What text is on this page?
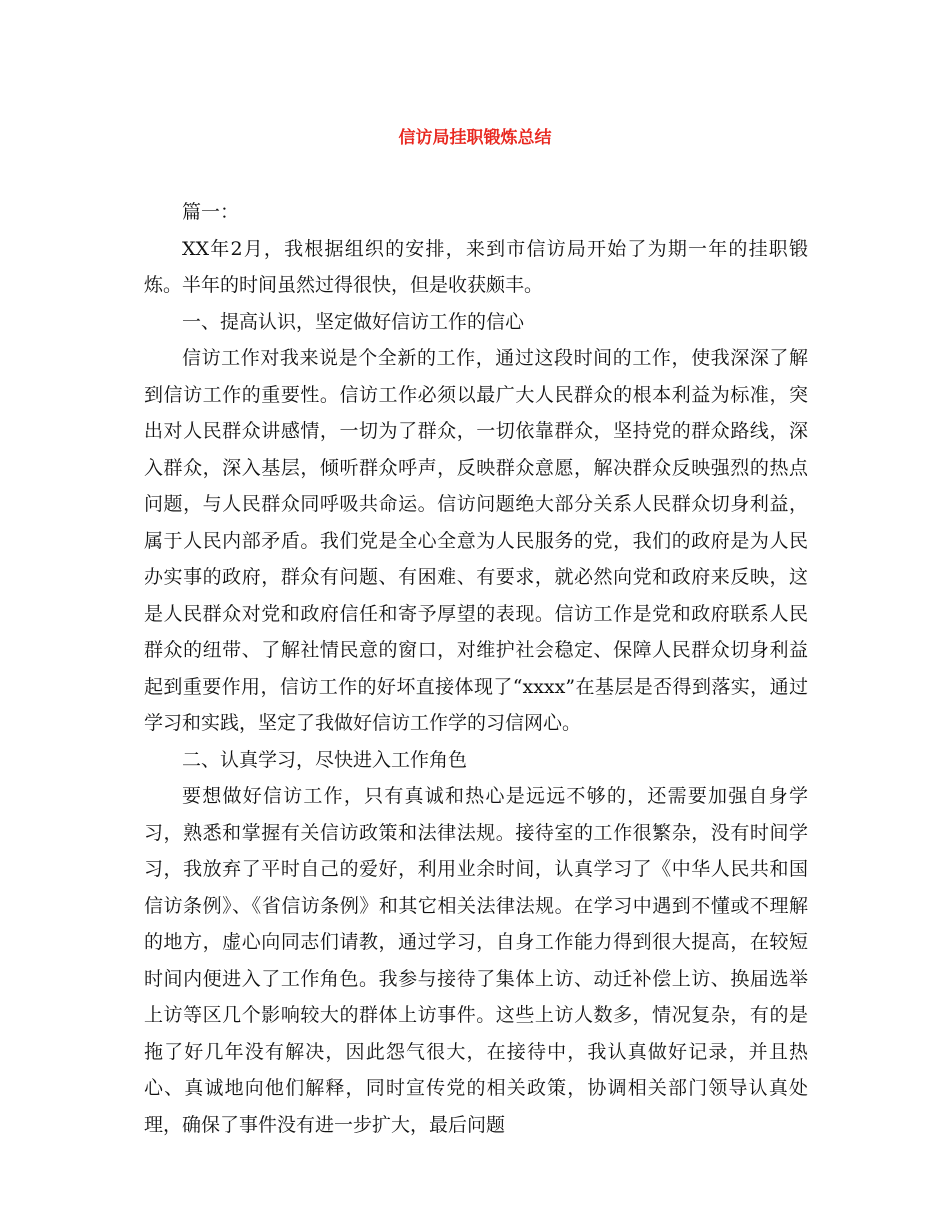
信访局挂职锻炼总结

篇一：

XX年2月，我根据组织的安排，来到市信访局开始了为期一年的挂职锻炼。半年的时间虽然过得很快，但是收获颇丰。

一、提高认识，坚定做好信访工作的信心

信访工作对我来说是个全新的工作，通过这段时间的工作，使我深深了解到信访工作的重要性。信访工作必须以最广大人民群众的根本利益为标准，突出对人民群众讲感情，一切为了群众，一切依靠群众，坚持党的群众路线，深入群众，深入基层，倾听群众呼声，反映群众意愿，解决群众反映强烈的热点问题，与人民群众同呼吸共命运。信访问题绝大部分关系人民群众切身利益，属于人民内部矛盾。我们党是全心全意为人民服务的党，我们的政府是为人民办实事的政府，群众有问题、有困难、有要求，就必然向党和政府来反映，这是人民群众对党和政府信任和寄予厚望的表现。信访工作是党和政府联系人民群众的纽带、了解社情民意的窗口，对维护社会稳定、保障人民群众切身利益起到重要作用，信访工作的好坏直接体现了“xxxx”在基层是否得到落实，通过学习和实践，坚定了我做好信访工作学的习信网心。

二、认真学习，尽快进入工作角色

要想做好信访工作，只有真诚和热心是远远不够的，还需要加强自身学习，熟悉和掌握有关信访政策和法律法规。接待室的工作很繁杂，没有时间学习，我放弃了平时自己的爱好，利用业余时间，认真学习了《中华人民共和国信访条例》、《省信访条例》和其它相关法律法规。在学习中遇到不懂或不理解的地方，虚心向同志们请教，通过学习，自身工作能力得到很大提高，在较短时间内便进入了工作角色。我参与接待了集体上访、动迁补偿上访、换届选举上访等区几个影响较大的群体上访事件。这些上访人数多，情况复杂，有的是拖了好几年没有解决，因此怨气很大，在接待中，我认真做好记录，并且热心、真诚地向他们解释，同时宣传党的相关政策，协调相关部门领导认真处理，确保了事件没有进一步扩大，最后问题
